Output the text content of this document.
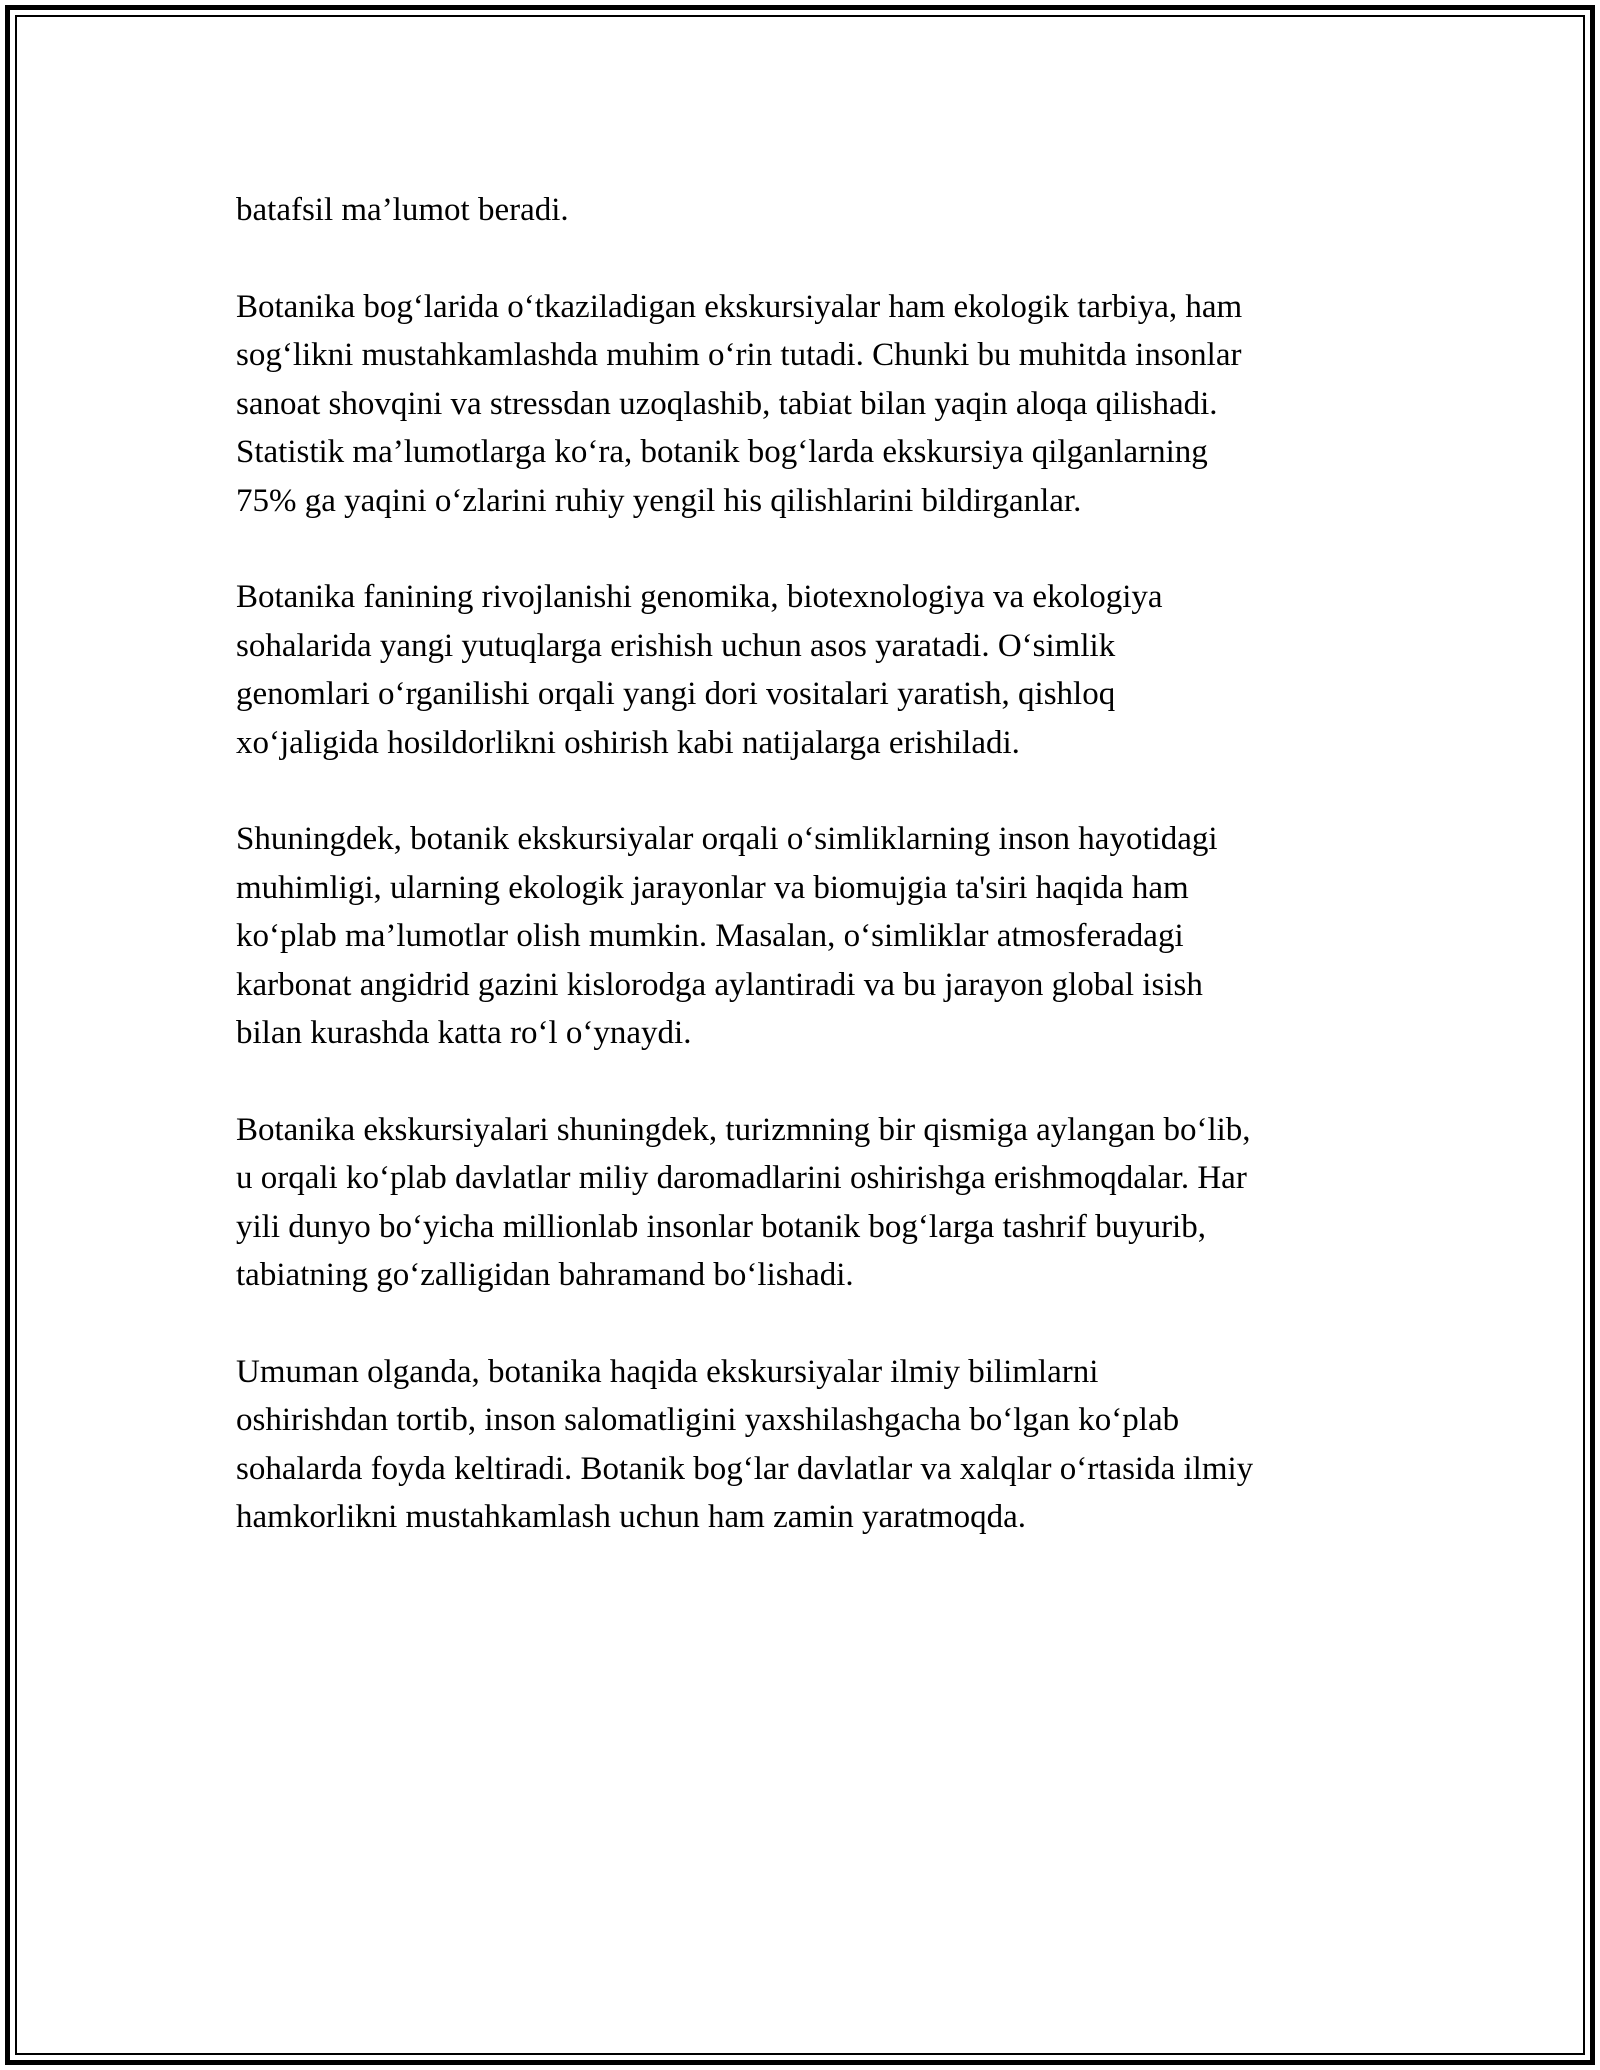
batafsil ma’lumot beradi.

Botanika bog‘larida o‘tkaziladigan ekskursiyalar ham ekologik tarbiya, ham
sog‘likni mustahkamlashda muhim o‘rin tutadi. Chunki bu muhitda insonlar
sanoat shovqini va stressdan uzoqlashib, tabiat bilan yaqin aloqa qilishadi.
Statistik ma’lumotlarga ko‘ra, botanik bog‘larda ekskursiya qilganlarning
75% ga yaqini o‘zlarini ruhiy yengil his qilishlarini bildirganlar.

Botanika fanining rivojlanishi genomika, biotexnologiya va ekologiya
sohalarida yangi yutuqlarga erishish uchun asos yaratadi. O‘simlik
genomlari o‘rganilishi orqali yangi dori vositalari yaratish, qishloq
xo‘jaligida hosildorlikni oshirish kabi natijalarga erishiladi.

Shuningdek, botanik ekskursiyalar orqali o‘simliklarning inson hayotidagi
muhimligi, ularning ekologik jarayonlar va biomujgia ta'siri haqida ham
ko‘plab ma’lumotlar olish mumkin. Masalan, o‘simliklar atmosferadagi
karbonat angidrid gazini kislorodga aylantiradi va bu jarayon global isish
bilan kurashda katta ro‘l o‘ynaydi.

Botanika ekskursiyalari shuningdek, turizmning bir qismiga aylangan bo‘lib,
u orqali ko‘plab davlatlar miliy daromadlarini oshirishga erishmoqdalar. Har
yili dunyo bo‘yicha millionlab insonlar botanik bog‘larga tashrif buyurib,
tabiatning go‘zalligidan bahramand bo‘lishadi.

Umuman olganda, botanika haqida ekskursiyalar ilmiy bilimlarni
oshirishdan tortib, inson salomatligini yaxshilashgacha bo‘lgan ko‘plab
sohalarda foyda keltiradi. Botanik bog‘lar davlatlar va xalqlar o‘rtasida ilmiy
hamkorlikni mustahkamlash uchun ham zamin yaratmoqda.
